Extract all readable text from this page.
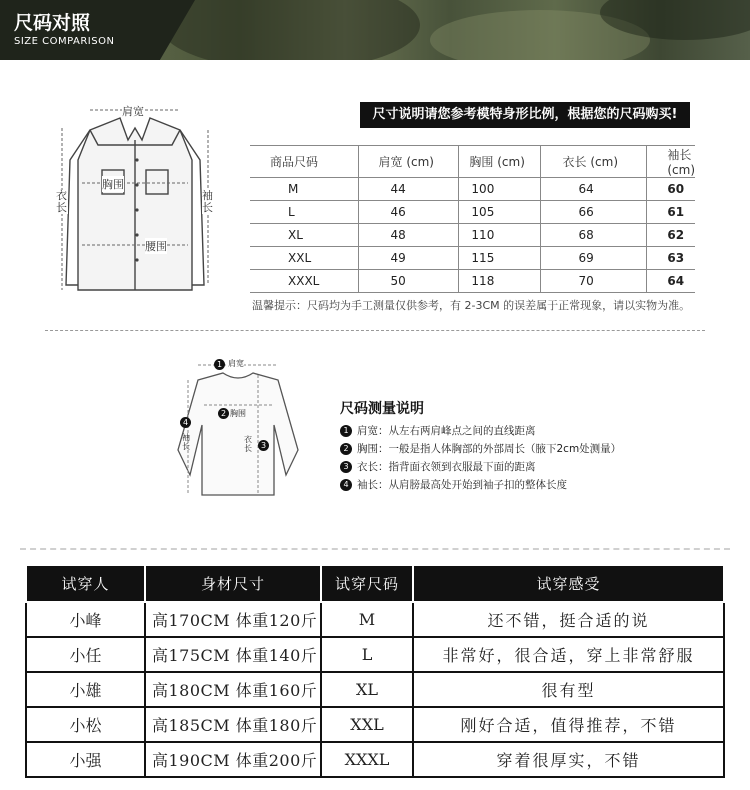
尺码对照
SIZE COMPARISON
肩宽
胸围
腰围
衣长
袖长
尺寸说明请您参考模特身形比例，根据您的尺码购买!
商品尺码	肩宽 (cm)	胸围 (cm)	衣长 (cm)	袖长 (cm)
M	44	100	64	60
L	46	105	66	61
XL	48	110	68	62
XXL	49	115	69	63
XXXL	50	118	70	64
温馨提示：尺码均为手工测量仅供参考，有 2-3CM 的误差属于正常现象，请以实物为准。
1 肩宽
2 胸围
3
衣长
4
袖长
尺码测量说明
1 肩宽：从左右两肩峰点之间的直线距离
2 胸围：一般是指人体胸部的外部周长（腋下2cm处测量）
3 衣长：指背面衣领到衣服最下面的距离
4 袖长：从肩膀最高处开始到袖子扣的整体长度
试穿人	身材尺寸	试穿尺码	试穿感受
小峰	高170CM 体重120斤	M	还不错，挺合适的说
小任	高175CM 体重140斤	L	非常好，很合适，穿上非常舒服
小雄	高180CM 体重160斤	XL	很有型
小松	高185CM 体重180斤	XXL	刚好合适，值得推荐，不错
小强	高190CM 体重200斤	XXXL	穿着很厚实，不错
